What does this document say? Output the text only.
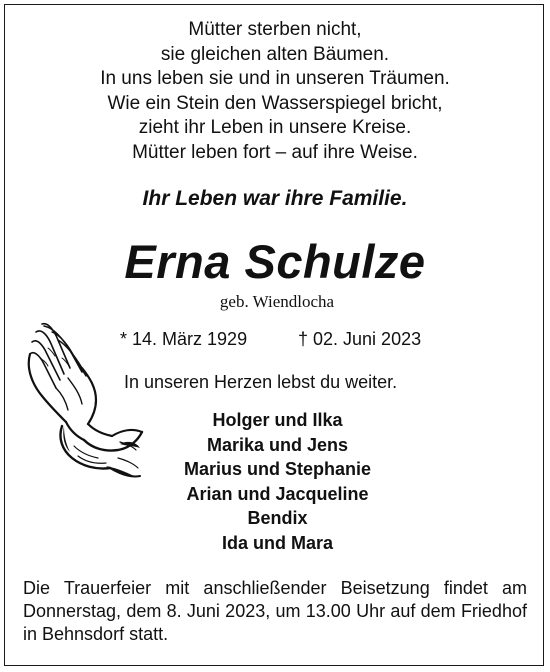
Mütter sterben nicht,
sie gleichen alten Bäumen.
In uns leben sie und in unseren Träumen.
Wie ein Stein den Wasserspiegel bricht,
zieht ihr Leben in unsere Kreise.
Mütter leben fort – auf ihre Weise.
Ihr Leben war ihre Familie.
Erna Schulze
geb. Wiendlocha
* 14. März 1929	† 02. Juni 2023
In unseren Herzen lebst du weiter.
Holger und Ilka
Marika und Jens
Marius und Stephanie
Arian und Jacqueline
Bendix
Ida und Mara
Die Trauerfeier mit anschließender Beisetzung findet am Donnerstag, dem 8. Juni 2023, um 13.00 Uhr auf dem Friedhof in Behnsdorf statt.
